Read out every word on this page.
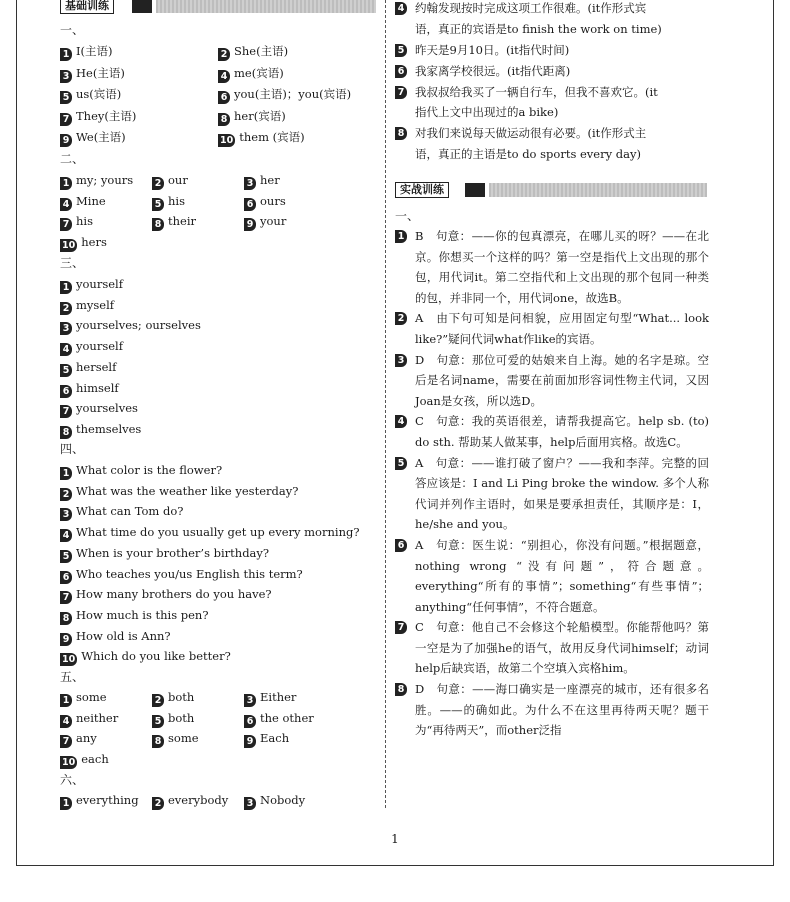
基础训练
一、
1 I(主语)	2 She(主语)
3 He(主语)	4 me(宾语)
5 us(宾语)	6 you(主语)；you(宾语)
7 They(主语)	8 her(宾语)
9 We(主语)	10 them (宾语)
二、
1 my; yours 2 our	3 her
4 Mine	5 his	6 ours
7 his	8 their	9 your
10 hers
三、
1 yourself
2 myself
3 yourselves; ourselves
4 yourself
5 herself
6 himself
7 yourselves
8 themselves
四、
1 What color is the flower?
2 What was the weather like yesterday?
3 What can Tom do?
4 What time do you usually get up every morning?
5 When is your brother’s birthday?
6 Who teaches you/us English this term?
7 How many brothers do you have?
8 How much is this pen?
9 How old is Ann?
10 Which do you like better?
五、
1 some	2 both	3 Either
4 neither	5 both	6 the other
7 any	8 some	9 Each
10 each
六、
1 everything 2 everybody 3 Nobody
4 约翰发现按时完成这项工作很难。(it作形式宾
语，真正的宾语是to finish the work on time)
5 昨天是9月10日。(it指代时间)
6 我家离学校很远。(it指代距离)
7 我叔叔给我买了一辆自行车，但我不喜欢它。(it
指代上文中出现过的a bike)
8 对我们来说每天做运动很有必要。(it作形式主
语，真正的主语是to do sports every day)
实战训练
一、
1 B　句意：——你的包真漂亮，在哪儿买的呀？——在北京。你想买一个这样的吗？第一空是指代上文出现的那个包，用代词it。第二空指代和上文出现的那个包同一种类的包，并非同一个，用代词one，故选B。
2 A　由下句可知是问相貌，应用固定句型“What... look like?”疑问代词what作like的宾语。
3 D　句意：那位可爱的姑娘来自上海。她的名字是琼。空后是名词name，需要在前面加形容词性物主代词，又因Joan是女孩，所以选D。
4 C　句意：我的英语很差，请帮我提高它。help sb. (to) do sth. 帮助某人做某事，help后面用宾格。故选C。
5 A　句意：——谁打破了窗户？——我和李萍。完整的回答应该是：I and Li Ping broke the window. 多个人称代词并列作主语时，如果是要承担责任，其顺序是：I，he/she and you。
6 A　句意：医生说：“别担心，你没有问题。”根据题意，nothing wrong “没有问题”，符合题意。everything“所有的事情”；something“有些事情”；anything“任何事情”，不符合题意。
7 C　句意：他自己不会修这个轮船模型。你能帮他吗？第一空是为了加强he的语气，故用反身代词himself；动词help后缺宾语，故第二个空填入宾格him。
8 D　句意：——海口确实是一座漂亮的城市，还有很多名胜。——的确如此。为什么不在这里再待两天呢？题干为“再待两天”，而other泛指
1
